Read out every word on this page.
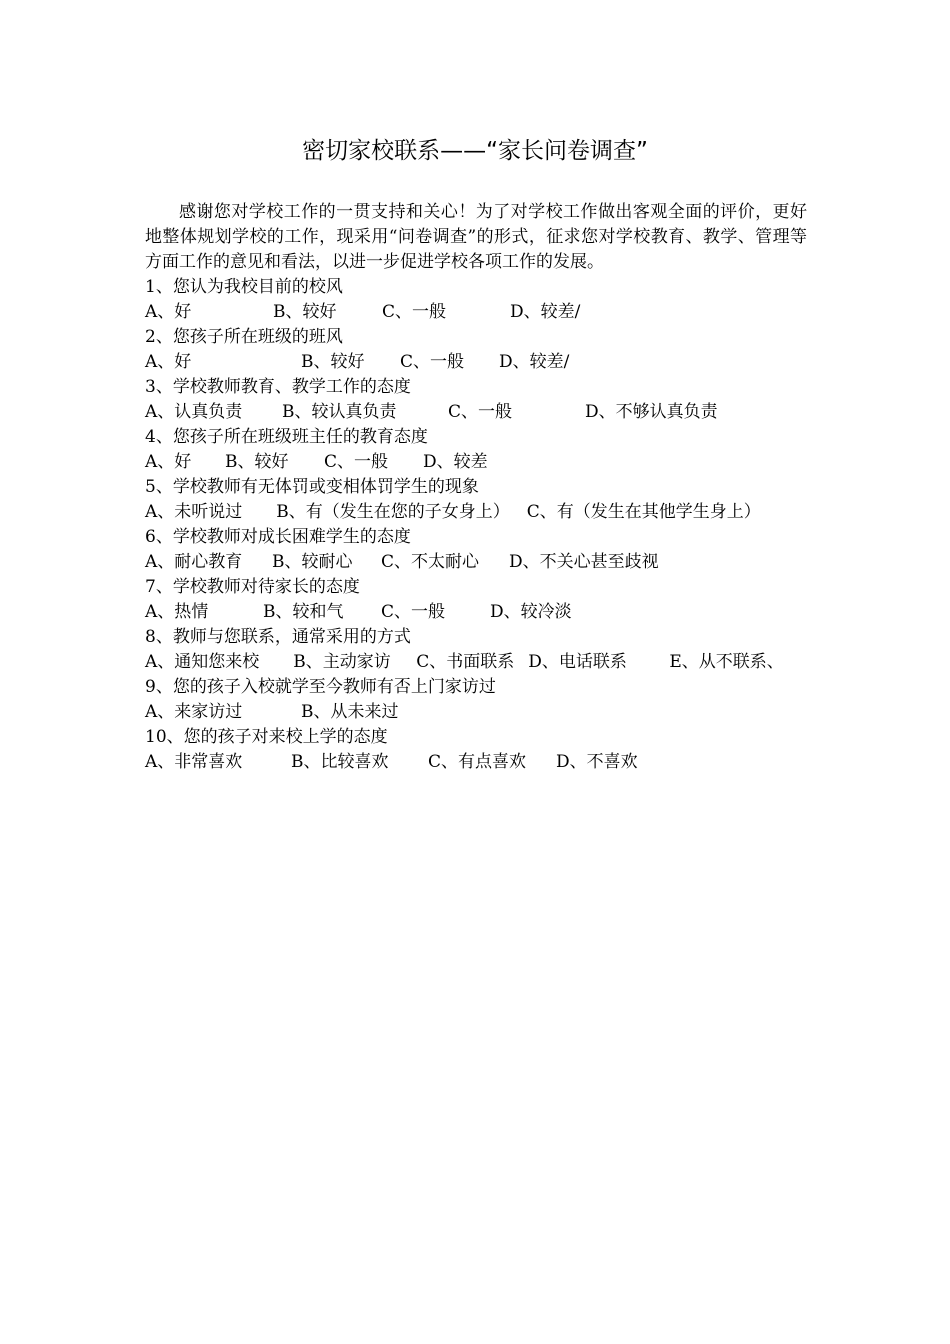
密切家校联系——“家长问卷调查”

感谢您对学校工作的一贯支持和关心！为了对学校工作做出客观全面的评价，更好地整体规划学校的工作，现采用“问卷调查”的形式，征求您对学校教育、教学、管理等方面工作的意见和看法，以进一步促进学校各项工作的发展。

1、您认为我校目前的校风

A、好	B、较好	C、一般	D、较差/

2、您孩子所在班级的班风

A、好	B、较好 C、一般 D、较差/

3、学校教师教育、教学工作的态度

A、认真负责 B、较认真负责	C、一般	D、不够认真负责

4、您孩子所在班级班主任的教育态度

A、好 B、较好 C、一般 D、较差

5、学校教师有无体罚或变相体罚学生的现象

A、未听说过   B、有（发生在您的子女身上）  C、有（发生在其他学生身上）

6、学校教师对成长困难学生的态度

A、耐心教育 B、较耐心 C、不太耐心 D、不关心甚至歧视

7、学校教师对待家长的态度

A、热情	B、较和气 C、一般	D、较冷淡

8、教师与您联系，通常采用的方式

A、通知您来校   B、主动家访   C、书面联系  D、电话联系   	E、从不联系、

9、您的孩子入校就学至今教师有否上门家访过

A、来家访过	B、从未来过

10、您的孩子对来校上学的态度

A、非常喜欢	B、比较喜欢 C、有点喜欢 D、不喜欢
